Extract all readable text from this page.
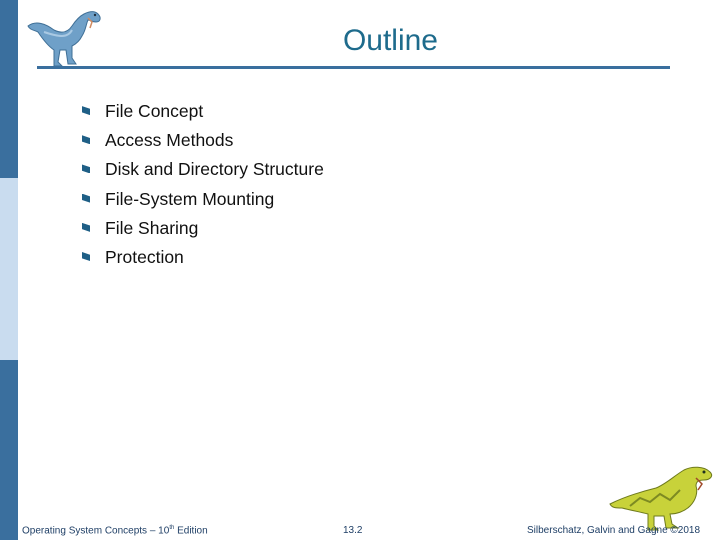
Outline
File Concept
Access Methods
Disk and Directory Structure
File-System Mounting
File Sharing
Protection
Operating System Concepts – 10th Edition	13.2	Silberschatz, Galvin and Gagne ©2018
